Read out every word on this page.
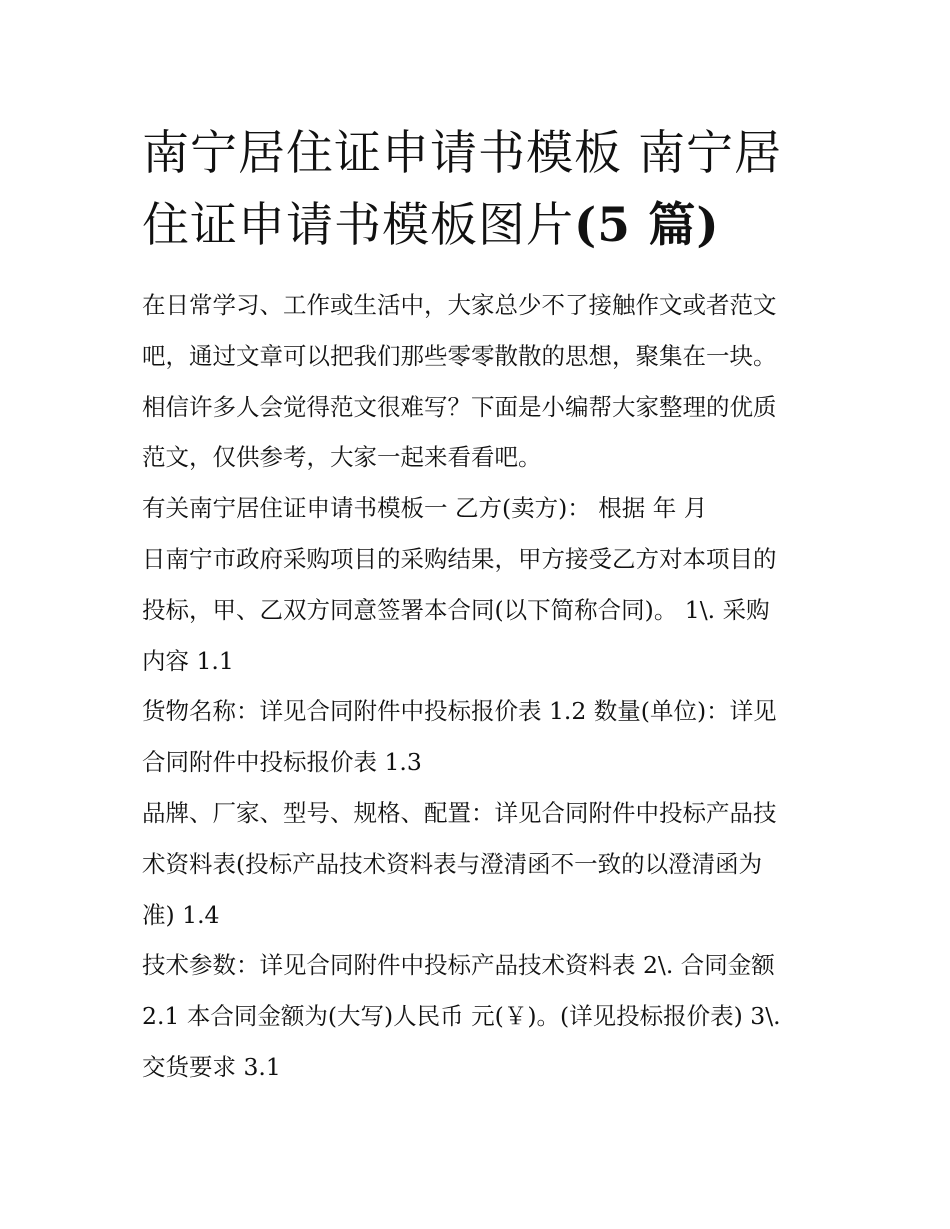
南宁居住证申请书模板 南宁居
住证申请书模板图片(5 篇)

在日常学习、工作或生活中，大家总少不了接触作文或者范文

吧，通过文章可以把我们那些零零散散的思想，聚集在一块。

相信许多人会觉得范文很难写？下面是小编帮大家整理的优质

范文，仅供参考，大家一起来看看吧。

有关南宁居住证申请书模板一 乙方(卖方)： 根据 年 月

日南宁市政府采购项目的采购结果，甲方接受乙方对本项目的

投标，甲、乙双方同意签署本合同(以下简称合同)。 1\. 采购

内容 1.1

货物名称：详见合同附件中投标报价表 1.2 数量(单位)：详见

合同附件中投标报价表 1.3

品牌、厂家、型号、规格、配置：详见合同附件中投标产品技

术资料表(投标产品技术资料表与澄清函不一致的以澄清函为

准) 1.4

技术参数：详见合同附件中投标产品技术资料表 2\. 合同金额

2.1 本合同金额为(大写)人民币 元(￥)。(详见投标报价表) 3\.

交货要求 3.1
